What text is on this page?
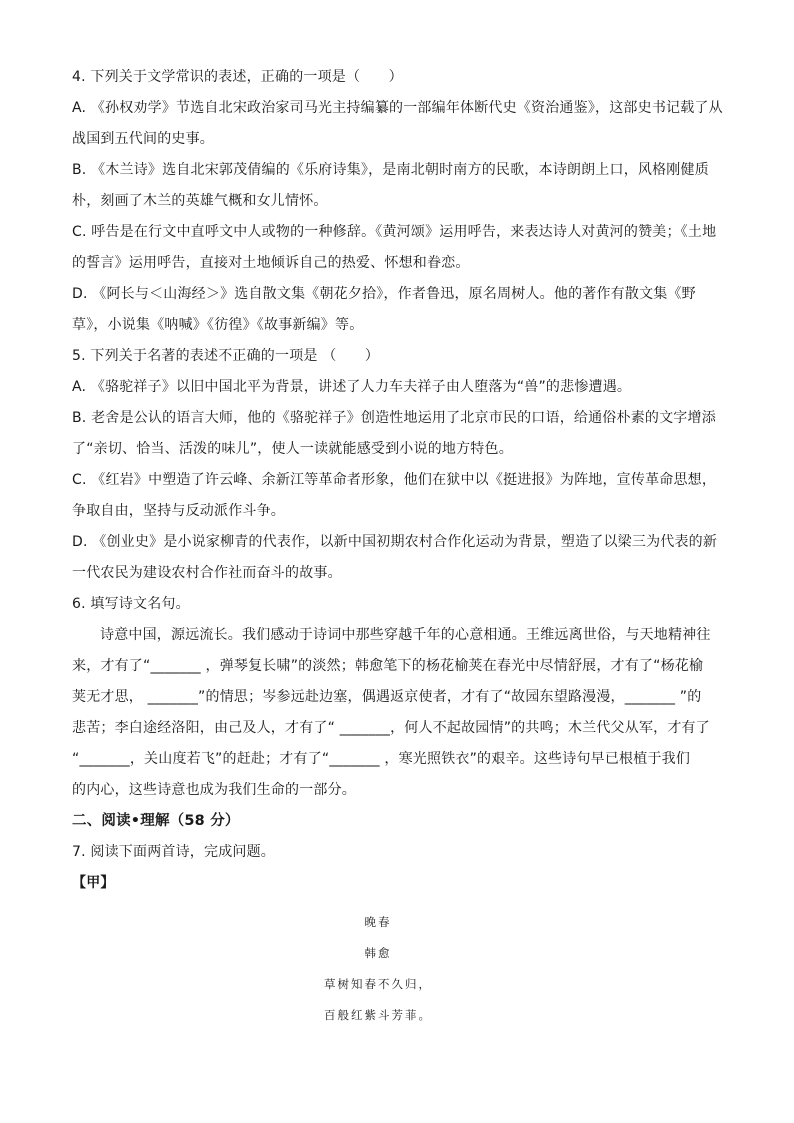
4. 下列关于文学常识的表述，正确的一项是（　　）
A. 《孙权劝学》节选自北宋政治家司马光主持编纂的一部编年体断代史《资治通鉴》，这部史书记载了从
战国到五代间的史事。
B. 《木兰诗》选自北宋郭茂倩编的《乐府诗集》，是南北朝时南方的民歌，本诗朗朗上口，风格刚健质
朴，刻画了木兰的英雄气概和女儿情怀。
C. 呼告是在行文中直呼文中人或物的一种修辞。《黄河颂》运用呼告，来表达诗人对黄河的赞美；《土地
的誓言》运用呼告，直接对土地倾诉自己的热爱、怀想和眷恋。
D. 《阿长与＜山海经＞》选自散文集《朝花夕拾》，作者鲁迅，原名周树人。他的著作有散文集《野
草》，小说集《呐喊》《彷徨》《故事新编》等。
5. 下列关于名著的表述不正确的一项是 （　　）
A. 《骆驼祥子》以旧中国北平为背景，讲述了人力车夫祥子由人堕落为“兽”的悲惨遭遇。
B. 老舍是公认的语言大师，他的《骆驼祥子》创造性地运用了北京市民的口语，给通俗朴素的文字增添
了“亲切、恰当、活泼的味儿”，使人一读就能感受到小说的地方特色。
C. 《红岩》中塑造了许云峰、余新江等革命者形象，他们在狱中以《挺进报》为阵地，宣传革命思想，
争取自由，坚持与反动派作斗争。
D. 《创业史》是小说家柳青的代表作，以新中国初期农村合作化运动为背景，塑造了以梁三为代表的新
一代农民为建设农村合作社而奋斗的故事。
6. 填写诗文名句。
诗意中国，源远流长。我们感动于诗词中那些穿越千年的心意相通。王维远离世俗，与天地精神往
来，才有了“_______ ，弹琴复长啸”的淡然；韩愈笔下的杨花榆荚在春光中尽情舒展，才有了“杨花榆
荚无才思， _______”的情思；岑参远赴边塞，偶遇返京使者，才有了“故园东望路漫漫，_______ ”的
悲苦；李白途经洛阳，由己及人，才有了“ _______，何人不起故园情”的共鸣；木兰代父从军，才有了
“_______，关山度若飞”的赶赴；才有了“_______ ，寒光照铁衣”的艰辛。这些诗句早已根植于我们
的内心，这些诗意也成为我们生命的一部分。
二、阅读•理解（58 分）
7. 阅读下面两首诗，完成问题。
【甲】
晚春
韩愈
草树知春不久归，
百般红紫斗芳菲。
